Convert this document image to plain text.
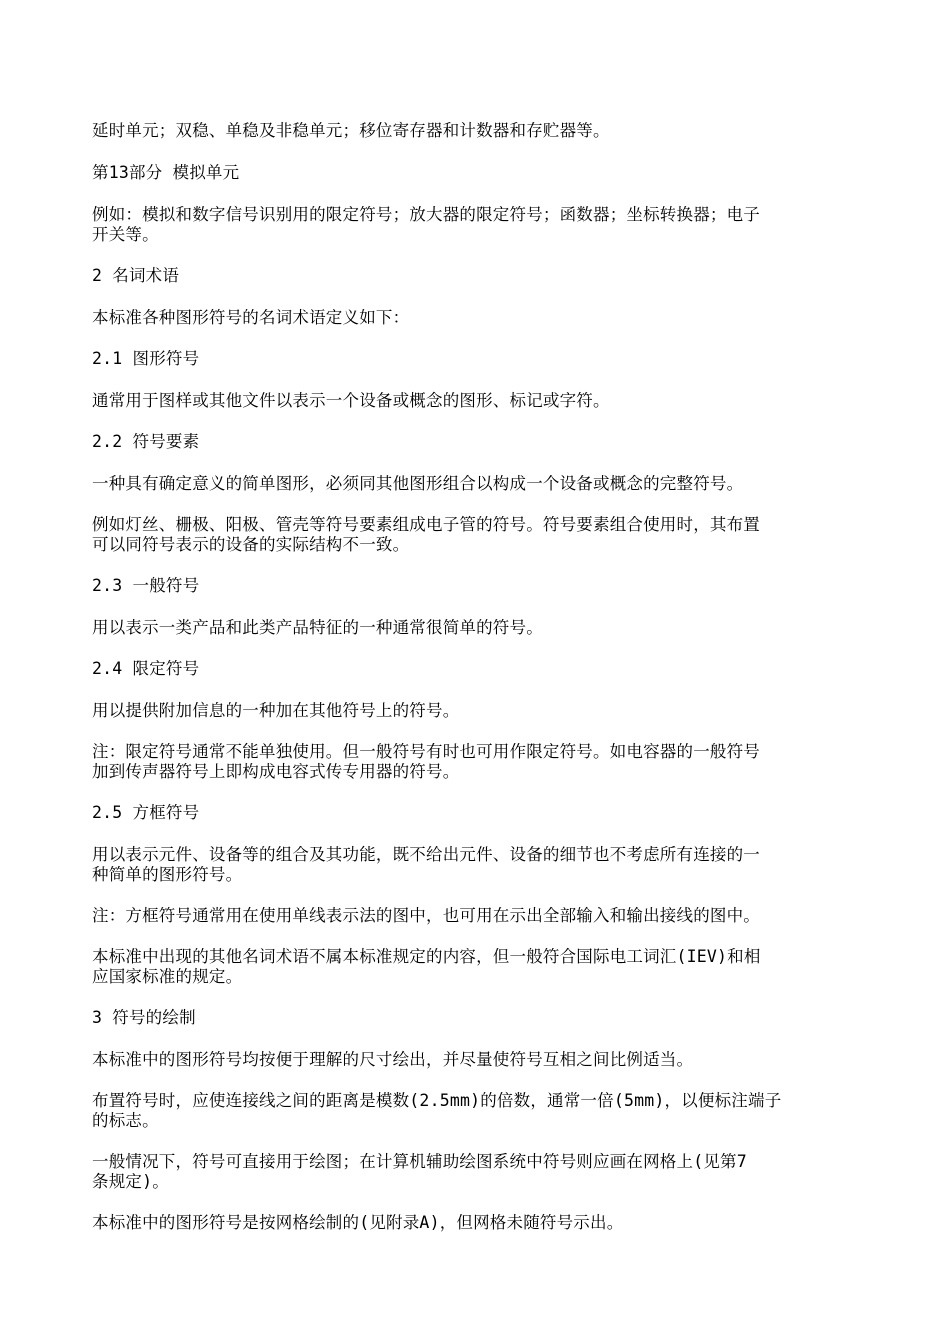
延时单元；双稳、单稳及非稳单元；移位寄存器和计数器和存贮器等。
第13部分 模拟单元
例如：模拟和数字信号识别用的限定符号；放大器的限定符号；函数器；坐标转换器；电子
开关等。
2 名词术语
本标准各种图形符号的名词术语定义如下：
2.1 图形符号
通常用于图样或其他文件以表示一个设备或概念的图形、标记或字符。
2.2 符号要素
一种具有确定意义的简单图形，必须同其他图形组合以构成一个设备或概念的完整符号。
例如灯丝、栅极、阳极、管壳等符号要素组成电子管的符号。符号要素组合使用时，其布置
可以同符号表示的设备的实际结构不一致。
2.3 一般符号
用以表示一类产品和此类产品特征的一种通常很简单的符号。
2.4 限定符号
用以提供附加信息的一种加在其他符号上的符号。
注：限定符号通常不能单独使用。但一般符号有时也可用作限定符号。如电容器的一般符号
加到传声器符号上即构成电容式传专用器的符号。
2.5 方框符号
用以表示元件、设备等的组合及其功能，既不给出元件、设备的细节也不考虑所有连接的一
种简单的图形符号。
注：方框符号通常用在使用单线表示法的图中，也可用在示出全部输入和输出接线的图中。
本标准中出现的其他名词术语不属本标准规定的内容，但一般符合国际电工词汇(IEV)和相
应国家标准的规定。
3 符号的绘制
本标准中的图形符号均按便于理解的尺寸绘出，并尽量使符号互相之间比例适当。
布置符号时，应使连接线之间的距离是模数(2.5mm)的倍数，通常一倍(5mm)，以便标注端子
的标志。
一般情况下，符号可直接用于绘图；在计算机辅助绘图系统中符号则应画在网格上(见第7
条规定)。
本标准中的图形符号是按网格绘制的(见附录A)，但网格未随符号示出。
